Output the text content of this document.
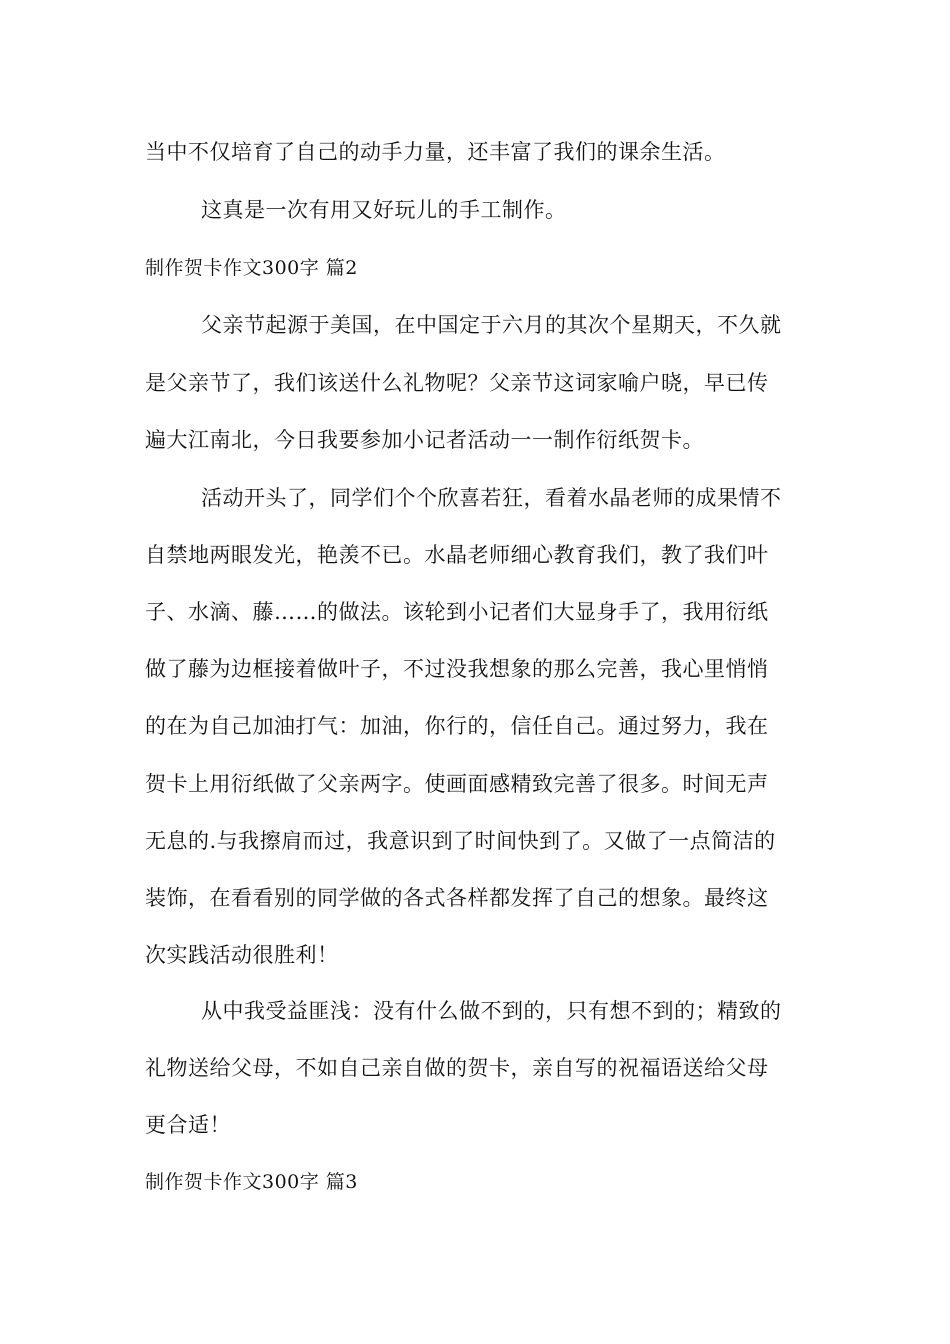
当中不仅培育了自己的动手力量，还丰富了我们的课余生活。
这真是一次有用又好玩儿的手工制作。
制作贺卡作文300字 篇2
父亲节起源于美国，在中国定于六月的其次个星期天，不久就
是父亲节了，我们该送什么礼物呢？父亲节这词家喻户晓，早已传
遍大江南北，今日我要参加小记者活动一一制作衍纸贺卡。
活动开头了，同学们个个欣喜若狂，看着水晶老师的成果情不
自禁地两眼发光，艳羡不已。水晶老师细心教育我们，教了我们叶
子、水滴、藤……的做法。该轮到小记者们大显身手了，我用衍纸
做了藤为边框接着做叶子，不过没我想象的那么完善，我心里悄悄
的在为自己加油打气：加油，你行的，信任自己。通过努力，我在
贺卡上用衍纸做了父亲两字。使画面感精致完善了很多。时间无声
无息的.与我擦肩而过，我意识到了时间快到了。又做了一点简洁的
装饰，在看看别的同学做的各式各样都发挥了自己的想象。最终这
次实践活动很胜利！
从中我受益匪浅：没有什么做不到的，只有想不到的；精致的
礼物送给父母，不如自己亲自做的贺卡，亲自写的祝福语送给父母
更合适！
制作贺卡作文300字 篇3
